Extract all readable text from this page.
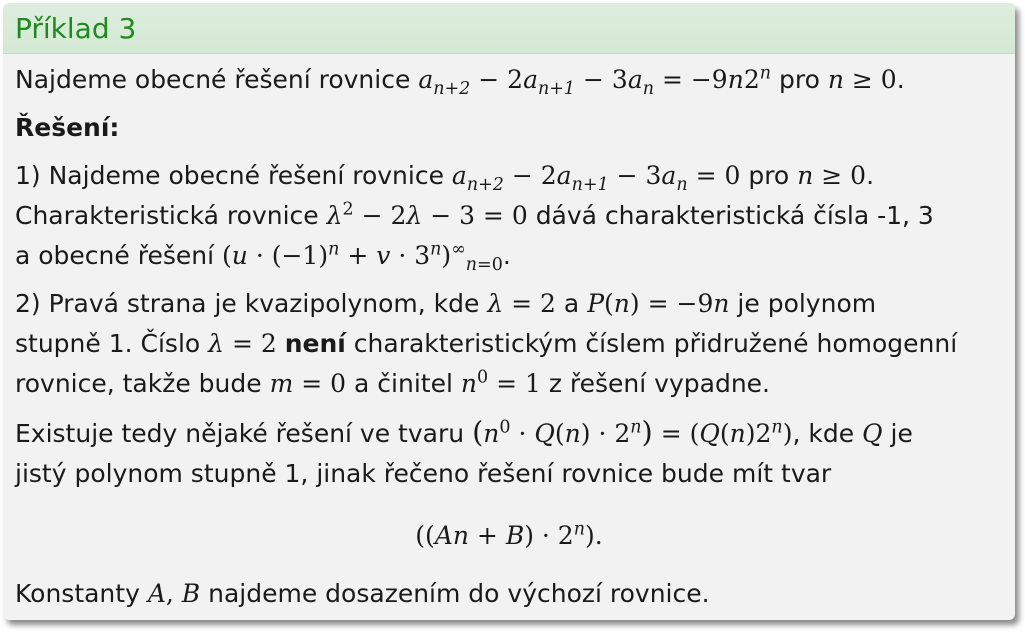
Příklad 3
Najdeme obecné řešení rovnice $a_{n+2} - 2a_{n+1} - 3a_n = -9n2^n$ pro n ≥ 0.
Řešení:
1) Najdeme obecné řešení rovnice $a_{n+2} - 2a_{n+1} - 3a_n = 0$ pro n ≥ 0.
Charakteristická rovnice $\lambda^2 - 2\lambda - 3 = 0$ dává charakteristická čísla -1, 3
a obecné řešení $(u \cdot (-1)^n + v \cdot 3^n)^\infty_{n=0}$.
2) Pravá strana je kvazipolynom, kde λ = 2 a P(n) = −9n je polynom
stupně 1. Číslo λ = 2 není charakteristickým číslem přidružené homogenní
rovnice, takže bude m = 0 a činitel $n^0 = 1$ z řešení vypadne.
Existuje tedy nějaké řešení ve tvaru $(n^0 \cdot Q(n) \cdot 2^n) = (Q(n)2^n)$, kde Q je
jistý polynom stupně 1, jinak řečeno řešení rovnice bude mít tvar
$((An + B) \cdot 2^n)$.
Konstanty A, B najdeme dosazením do výchozí rovnice.
